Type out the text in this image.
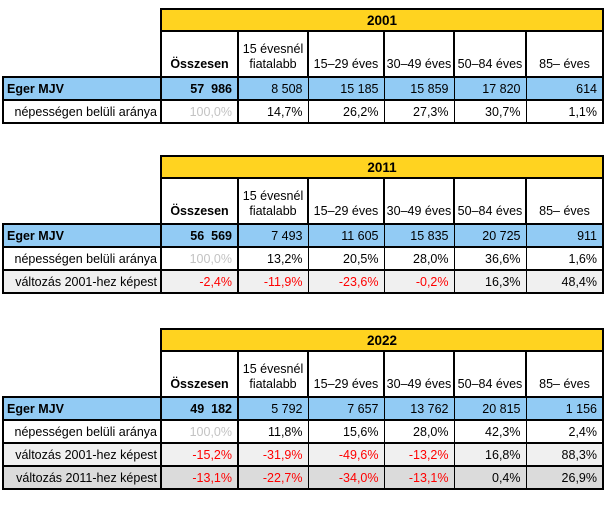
	2001					
	Összesen	15 évesnél fiatalabb	15–29 éves	30–49 éves	50–84 éves	85– éves
Eger MJV	57  986	8 508	15 185	15 859	17 820	614
népességen belüli aránya	100,0%	14,7%	26,2%	27,3%	30,7%	1,1%
	2011					
	Összesen	15 évesnél fiatalabb	15–29 éves	30–49 éves	50–84 éves	85– éves
Eger MJV	56  569	7 493	11 605	15 835	20 725	911
népességen belüli aránya	100,0%	13,2%	20,5%	28,0%	36,6%	1,6%
változás 2001-hez képest	-2,4%	-11,9%	-23,6%	-0,2%	16,3%	48,4%
	2022					
	Összesen	15 évesnél fiatalabb	15–29 éves	30–49 éves	50–84 éves	85– éves
Eger MJV	49  182	5 792	7 657	13 762	20 815	1 156
népességen belüli aránya	100,0%	11,8%	15,6%	28,0%	42,3%	2,4%
változás 2001-hez képest	-15,2%	-31,9%	-49,6%	-13,2%	16,8%	88,3%
változás 2011-hez képest	-13,1%	-22,7%	-34,0%	-13,1%	0,4%	26,9%
